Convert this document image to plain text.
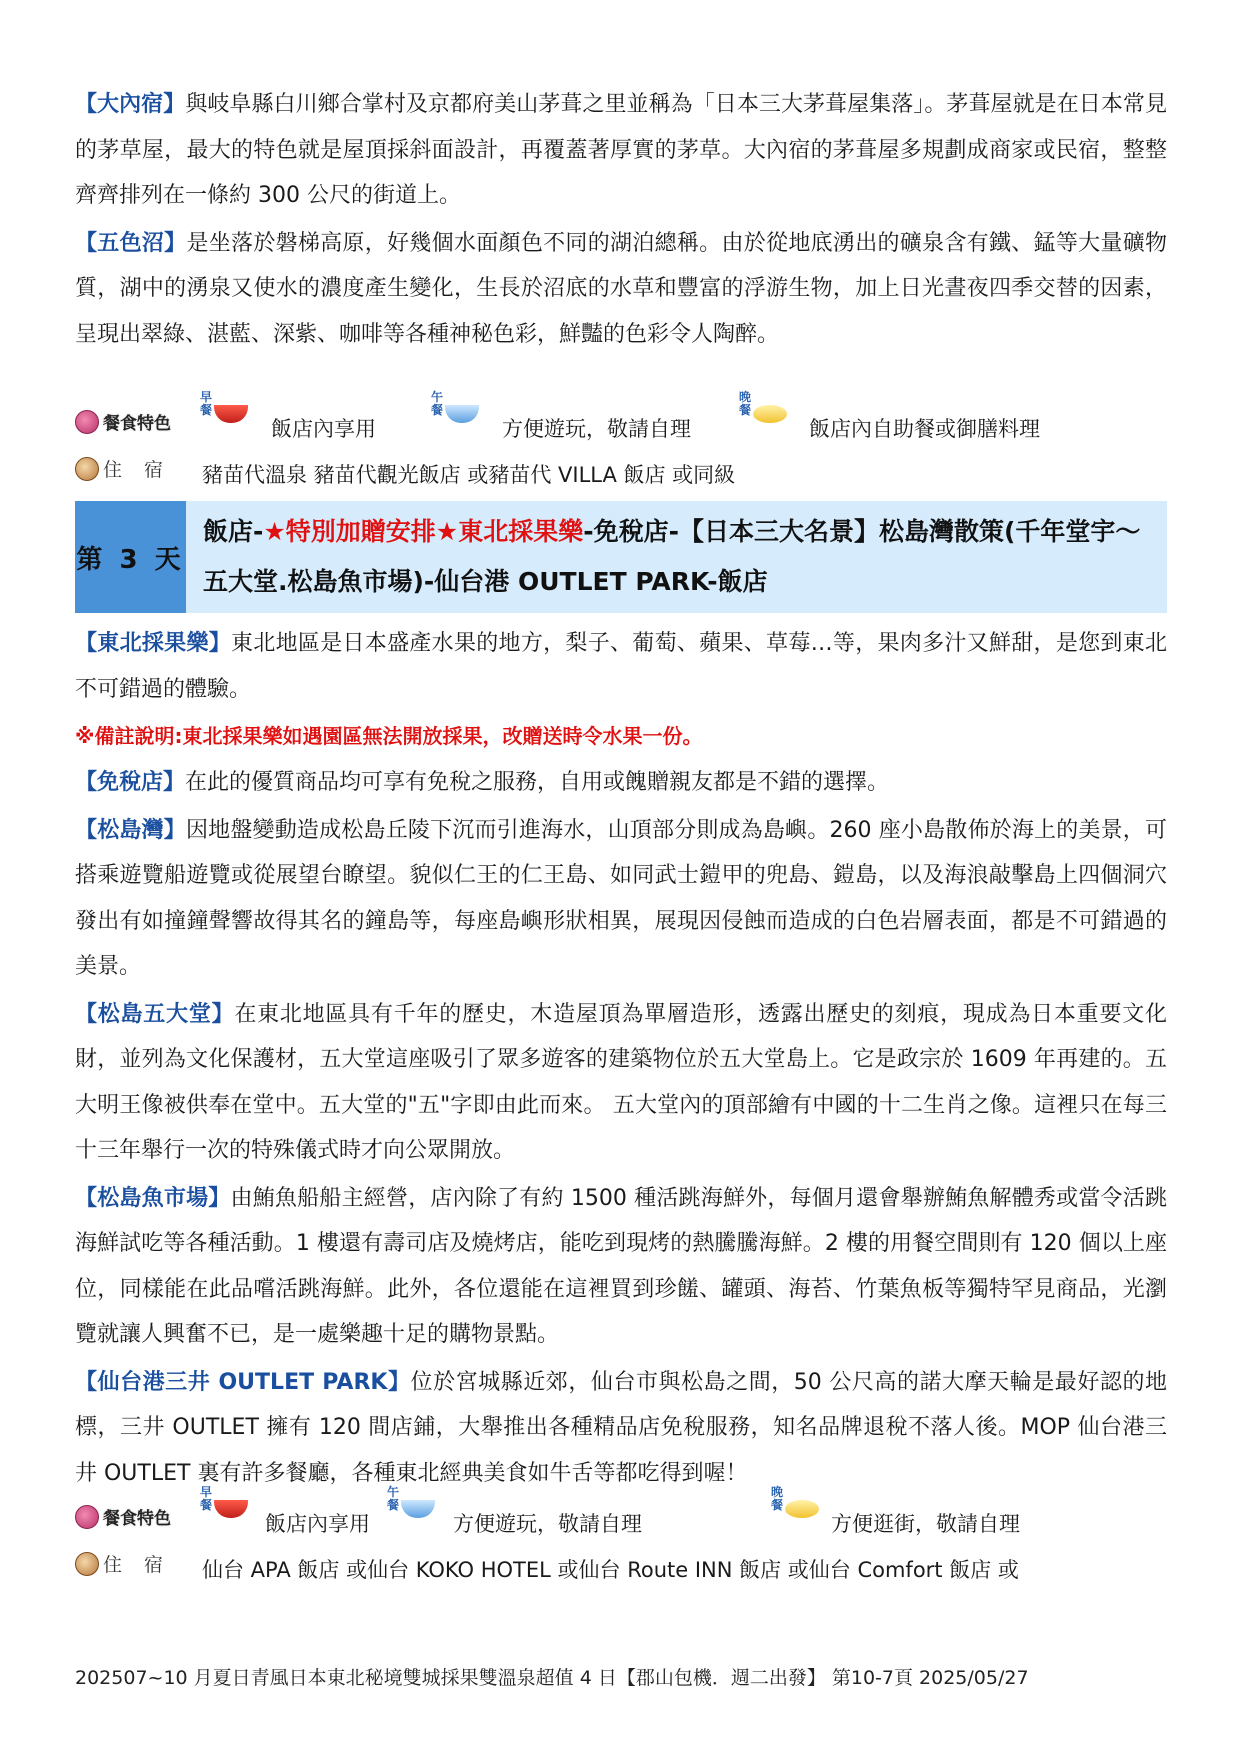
【大內宿】與岐阜縣白川鄉合掌村及京都府美山茅葺之里並稱為「日本三大茅葺屋集落」。茅葺屋就是在日本常見的茅草屋，最大的特色就是屋頂採斜面設計，再覆蓋著厚實的茅草。大內宿的茅葺屋多規劃成商家或民宿，整整齊齊排列在一條約 300 公尺的街道上。

【五色沼】是坐落於磐梯高原，好幾個水面顏色不同的湖泊總稱。由於從地底湧出的礦泉含有鐵、錳等大量礦物質，湖中的湧泉又使水的濃度產生變化，生長於沼底的水草和豐富的浮游生物，加上日光晝夜四季交替的因素，呈現出翠綠、湛藍、深紫、咖啡等各種神秘色彩，鮮豔的色彩令人陶醉。

餐食特色
早餐
飯店內享用
午餐
方便遊玩，敬請自理
晚餐
飯店內自助餐或御膳料理
住宿 豬苗代溫泉 豬苗代觀光飯店 或豬苗代 VILLA 飯店 或同級
第 3 天
飯店-★特別加贈安排★東北採果樂-免稅店-【日本三大名景】松島灣散策(千年堂宇～五大堂.松島魚市場)-仙台港 OUTLET PARK-飯店

【東北採果樂】東北地區是日本盛產水果的地方，梨子、葡萄、蘋果、草莓…等，果肉多汁又鮮甜，是您到東北不可錯過的體驗。

※備註說明:東北採果樂如遇園區無法開放採果，改贈送時令水果一份。

【免稅店】在此的優質商品均可享有免稅之服務，自用或餽贈親友都是不錯的選擇。

【松島灣】因地盤變動造成松島丘陵下沉而引進海水，山頂部分則成為島嶼。260 座小島散佈於海上的美景，可搭乘遊覽船遊覽或從展望台瞭望。貌似仁王的仁王島、如同武士鎧甲的兜島、鎧島，以及海浪敲擊島上四個洞穴發出有如撞鐘聲響故得其名的鐘島等，每座島嶼形狀相異，展現因侵蝕而造成的白色岩層表面，都是不可錯過的美景。

【松島五大堂】在東北地區具有千年的歷史，木造屋頂為單層造形，透露出歷史的刻痕，現成為日本重要文化財，並列為文化保護材，五大堂這座吸引了眾多遊客的建築物位於五大堂島上。它是政宗於 1609 年再建的。五大明王像被供奉在堂中。五大堂的"五"字即由此而來。 五大堂內的頂部繪有中國的十二生肖之像。這裡只在每三十三年舉行一次的特殊儀式時才向公眾開放。

【松島魚市場】由鮪魚船船主經營，店內除了有約 1500 種活跳海鮮外，每個月還會舉辦鮪魚解體秀或當令活跳海鮮試吃等各種活動。1 樓還有壽司店及燒烤店，能吃到現烤的熱騰騰海鮮。2 樓的用餐空間則有 120 個以上座位，同樣能在此品嚐活跳海鮮。此外，各位還能在這裡買到珍饈、罐頭、海苔、竹葉魚板等獨特罕見商品，光瀏覽就讓人興奮不已，是一處樂趣十足的購物景點。

【仙台港三井 OUTLET PARK】位於宮城縣近郊，仙台市與松島之間，50 公尺高的諾大摩天輪是最好認的地標，三井 OUTLET 擁有 120 間店鋪，大舉推出各種精品店免稅服務，知名品牌退稅不落人後。MOP 仙台港三井 OUTLET 裏有許多餐廳，各種東北經典美食如牛舌等都吃得到喔！

餐食特色
早餐
飯店內享用
午餐
方便遊玩，敬請自理
晚餐
方便逛街，敬請自理
住宿 仙台 APA 飯店 或仙台 KOKO HOTEL 或仙台 Route INN 飯店 或仙台 Comfort 飯店 或
202507~10 月夏日青風日本東北秘境雙城採果雙溫泉超值 4 日【郡山包機．週二出發】 第10-7頁 2025/05/27
